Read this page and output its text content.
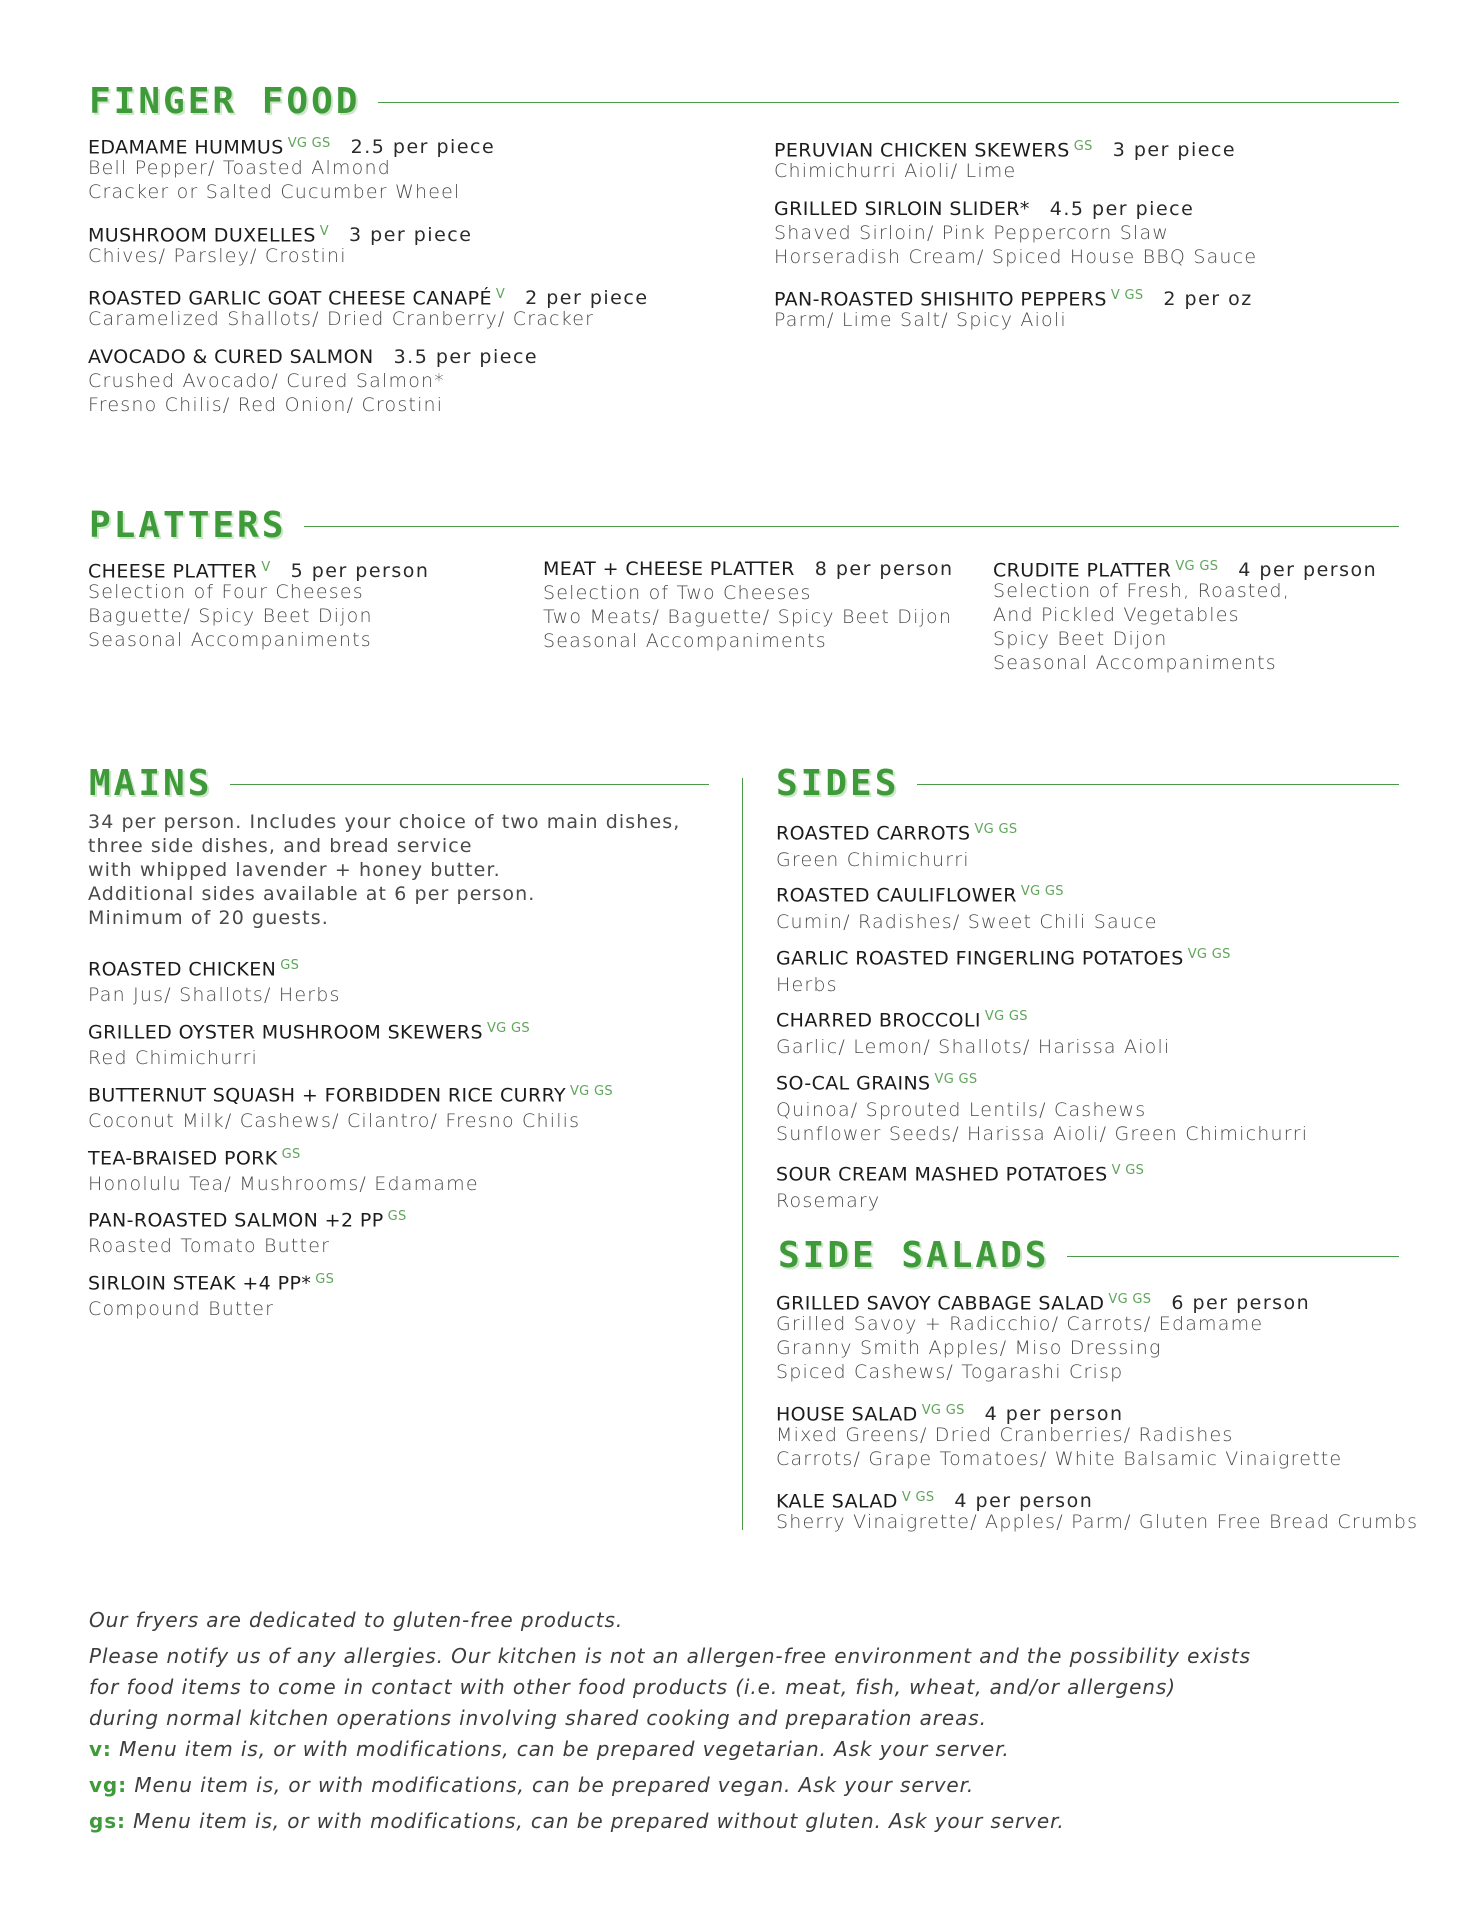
FINGER FOOD
EDAMAME HUMMUS $^{VG GS}$ 2.5 per piece
Bell Pepper/ Toasted Almond
Cracker or Salted Cucumber Wheel
MUSHROOM DUXELLES $^V$ 3 per piece
Chives/ Parsley/ Crostini
ROASTED GARLIC GOAT CHEESE CANAPÉ $^V$ 2 per piece
Caramelized Shallots/ Dried Cranberry/ Cracker
AVOCADO & CURED SALMON 3.5 per piece
Crushed Avocado/ Cured Salmon*
Fresno Chilis/ Red Onion/ Crostini
PERUVIAN CHICKEN SKEWERS $^{GS}$ 3 per piece
Chimichurri Aioli/ Lime
GRILLED SIRLOIN SLIDER* 4.5 per piece
Shaved Sirloin/ Pink Peppercorn Slaw
Horseradish Cream/ Spiced House BBQ Sauce
PAN-ROASTED SHISHITO PEPPERS $^{V GS}$ 2 per oz
Parm/ Lime Salt/ Spicy Aioli
PLATTERS
CHEESE PLATTER $^V$ 5 per person
Selection of Four Cheeses
Baguette/ Spicy Beet Dijon
Seasonal Accompaniments
MEAT + CHEESE PLATTER 8 per person
Selection of Two Cheeses
Two Meats/ Baguette/ Spicy Beet Dijon
Seasonal Accompaniments
CRUDITE PLATTER $^{VG GS}$ 4 per person
Selection of Fresh, Roasted,
And Pickled Vegetables
Spicy Beet Dijon
Seasonal Accompaniments
MAINS
34 per person. Includes your choice of two main dishes,
three side dishes, and bread service
with whipped lavender + honey butter.
Additional sides available at 6 per person.
Minimum of 20 guests.
ROASTED CHICKEN $^{GS}$
Pan Jus/ Shallots/ Herbs
GRILLED OYSTER MUSHROOM SKEWERS $^{VG GS}$
Red Chimichurri
BUTTERNUT SQUASH + FORBIDDEN RICE CURRY $^{VG GS}$
Coconut Milk/ Cashews/ Cilantro/ Fresno Chilis
TEA-BRAISED PORK $^{GS}$
Honolulu Tea/ Mushrooms/ Edamame
PAN-ROASTED SALMON +2 PP $^{GS}$
Roasted Tomato Butter
SIRLOIN STEAK +4 PP* $^{GS}$
Compound Butter
SIDES
ROASTED CARROTS $^{VG GS}$
Green Chimichurri
ROASTED CAULIFLOWER $^{VG GS}$
Cumin/ Radishes/ Sweet Chili Sauce
GARLIC ROASTED FINGERLING POTATOES $^{VG GS}$
Herbs
CHARRED BROCCOLI $^{VG GS}$
Garlic/ Lemon/ Shallots/ Harissa Aioli
SO-CAL GRAINS $^{VG GS}$
Quinoa/ Sprouted Lentils/ Cashews
Sunflower Seeds/ Harissa Aioli/ Green Chimichurri
SOUR CREAM MASHED POTATOES $^{V GS}$
Rosemary
SIDE SALADS
GRILLED SAVOY CABBAGE SALAD $^{VG GS}$ 6 per person
Grilled Savoy + Radicchio/ Carrots/ Edamame
Granny Smith Apples/ Miso Dressing
Spiced Cashews/ Togarashi Crisp
HOUSE SALAD $^{VG GS}$ 4 per person
Mixed Greens/ Dried Cranberries/ Radishes
Carrots/ Grape Tomatoes/ White Balsamic Vinaigrette
KALE SALAD $^{V GS}$ 4 per person
Sherry Vinaigrette/ Apples/ Parm/ Gluten Free Bread Crumbs
Our fryers are dedicated to gluten-free products.
Please notify us of any allergies. Our kitchen is not an allergen-free environment and the possibility exists
for food items to come in contact with other food products (i.e. meat, fish, wheat, and/or allergens)
during normal kitchen operations involving shared cooking and preparation areas.
v: Menu item is, or with modifications, can be prepared vegetarian. Ask your server.
vg: Menu item is, or with modifications, can be prepared vegan. Ask your server.
gs: Menu item is, or with modifications, can be prepared without gluten. Ask your server.
